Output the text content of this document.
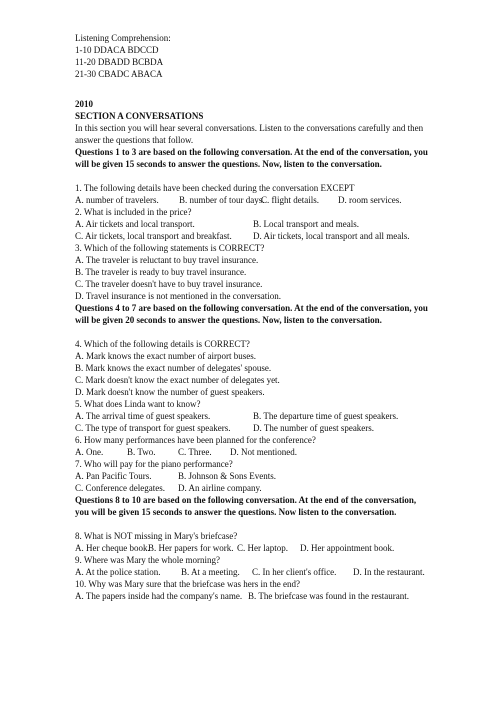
Listening Comprehension:
1-10 DDACA BDCCD
11-20 DBADD BCBDA
21-30 CBADC ABACA
2010
SECTION A CONVERSATIONS
In this section you will hear several conversations. Listen to the conversations carefully and then
answer the questions that follow.
Questions 1 to 3 are based on the following conversation. At the end of the conversation, you
will be given 15 seconds to answer the questions. Now, listen to the conversation.
1. The following details have been checked during the conversation EXCEPT
A. number of travelers. B. number of tour days.C. flight details. D. room services.
2. What is included in the price?
A. Air tickets and local transport.	B. Local transport and meals.
C. Air tickets, local transport and breakfast. D. Air tickets, local transport and all meals.
3. Which of the following statements is CORRECT?
A. The traveler is reluctant to buy travel insurance.
B. The traveler is ready to buy travel insurance.
C. The traveler doesn't have to buy travel insurance.
D. Travel insurance is not mentioned in the conversation.
Questions 4 to 7 are based on the following conversation. At the end of the conversation, you
will be given 20 seconds to answer the questions. Now, listen to the conversation.
4. Which of the following details is CORRECT?
A. Mark knows the exact number of airport buses.
B. Mark knows the exact number of delegates' spouse.
C. Mark doesn't know the exact number of delegates yet.
D. Mark doesn't know the number of guest speakers.
5. What does Linda want to know?
A. The arrival time of guest speakers.	B. The departure time of guest speakers.
C. The type of transport for guest speakers. D. The number of guest speakers.
6. How many performances have been planned for the conference?
A. One.	B. Two.	C. Three. D. Not mentioned.
7. Who will pay for the piano performance?
A. Pan Pacific Tours.	B. Johnson & Sons Events.
C. Conference delegates. D. An airline company.
Questions 8 to 10 are based on the following conversation. At the end of the conversation,
you will be given 15 seconds to answer the questions. Now listen to the conversation.
8. What is NOT missing in Mary's briefcase?
A. Her cheque book.B. Her papers for work. C. Her laptop. D. Her appointment book.
9. Where was Mary the whole morning?
A. At the police station. B. At a meeting. C. In her client's office. D. In the restaurant.
10. Why was Mary sure that the briefcase was hers in the end?
A. The papers inside had the company's name. B. The briefcase was found in the restaurant.
